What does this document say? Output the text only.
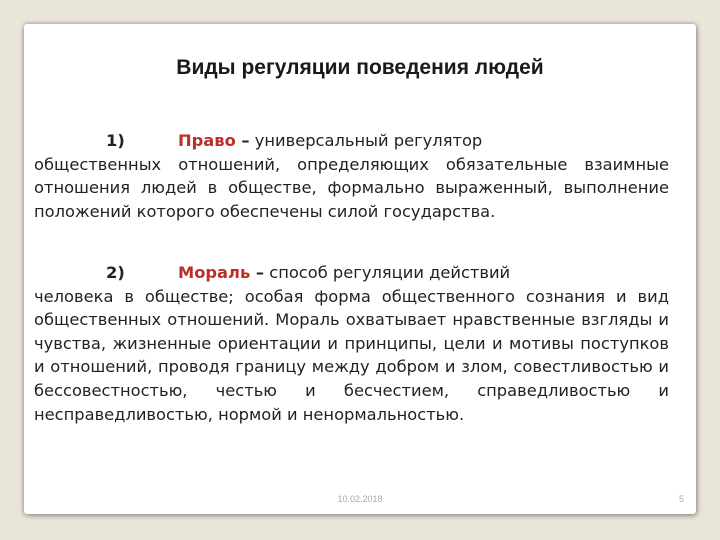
Виды регуляции поведения людей
1)	Право – универсальный регулятор
общественных отношений, определяющих обязательные взаимные отношения людей в обществе, формально выраженный, выполнение положений которого обеспечены силой государства.
2)	Мораль – способ регуляции действий
человека в обществе; особая форма общественного сознания и вид общественных отношений. Мораль охватывает нравственные взгляды и чувства, жизненные ориентации и принципы, цели и мотивы поступков и отношений, проводя границу между добром и злом, совестливостью и бессовестностью, честью и бесчестием, справедливостью и несправедливостью, нормой и ненормальностью.
10.02.2018	5
